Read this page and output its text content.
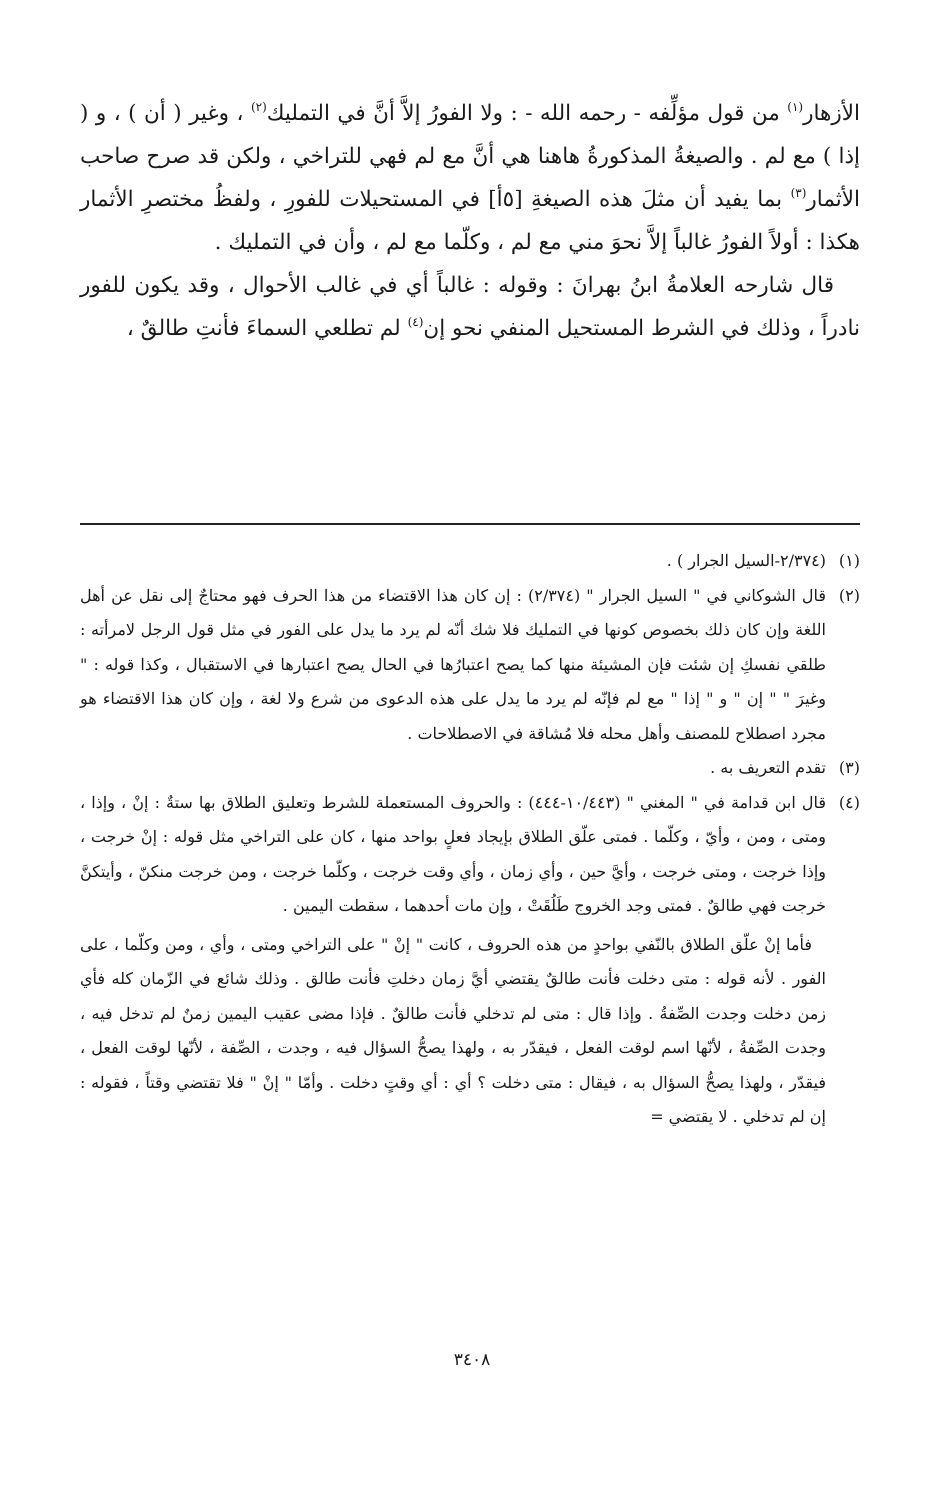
الأزهار$^{(١)}$ من قول مؤلِّفه - رحمه الله - : ولا الفورُ إلاَّ أنَّ في التمليك$^{(٢)}$ ، وغير ( أن ) ، و ( إذا ) مع لم . والصيغةُ المذكورةُ هاهنا هي أنَّ مع لم فهي للتراخي ، ولكن قد صرح صاحب الأثمار$^{(٣)}$ بما يفيد أن مثلَ هذه الصيغةِ [٥أ] في المستحيلات للفورِ ، ولفظُ مختصرِ الأثمار هكذا : أولاً الفورُ غالباً إلاَّ نحوَ مني مع لم ، وكلّما مع لم ، وأن في التمليك .

قال شارحه العلامةُ ابنُ بهرانَ : وقوله : غالباً أي في غالب الأحوال ، وقد يكون للفور نادراً ، وذلك في الشرط المستحيل المنفي نحو إن$^{(٤)}$ لم تطلعي السماءَ فأنتِ طالقٌ ،

(١)

(٢/٣٧٤-السيل الجرار ) .

(٢)

قال الشوكاني في " السيل الجرار " (٢/٣٧٤) : إن كان هذا الاقتضاء من هذا الحرف فهو محتاجٌ إلى نقل عن أهل اللغة وإن كان ذلك بخصوص كونها في التمليك فلا شك أنّه لم يرد ما يدل على الفور في مثل قول الرجل لامرأته : طلقي نفسكِ إن شئت فإن المشيئة منها كما يصح اعتبارُها في الحال يصح اعتبارها في الاستقبال ، وكذا قوله : " وغيرَ " " إن " و " إذا " مع لم فإنّه لم يرد ما يدل على هذه الدعوى من شرع ولا لغة ، وإن كان هذا الاقتضاء هو مجرد اصطلاح للمصنف وأهل محله فلا مُشاقة في الاصطلاحات .

(٣)

تقدم التعريف به .

(٤)

قال ابن قدامة في " المغني " (١٠/٤٤٣-٤٤٤) : والحروف المستعملة للشرط وتعليق الطلاق بها ستةٌ : إنْ ، وإذا ، ومتى ، ومن ، وأيّ ، وكلّما . فمتى علّق الطلاق بإيجاد فعلٍ بواحد منها ، كان على التراخي مثل قوله : إنْ خرجت ، وإذا خرجت ، ومتى خرجت ، وأيَّ حين ، وأي زمان ، وأي وقت خرجت ، وكلّما خرجت ، ومن خرجت منكنّ ، وأيتكنَّ خرجت فهي طالقٌ . فمتى وجد الخروج طَلُقَتْ ، وإن مات أحدهما ، سقطت اليمين .

فأما إنْ علّق الطلاق بالنّفي بواحدٍ من هذه الحروف ، كانت " إنْ " على التراخي ومتى ، وأي ، ومن وكلّما ، على الفور . لأنه قوله : متى دخلت فأنت طالقٌ يقتضي أيَّ زمان دخلتِ فأنت طالق . وذلك شائع في الزّمان كله فأي زمن دخلت وجدت الصِّفةُ . وإذا قال : متى لم تدخلي فأنت طالقٌ . فإذا مضى عقيب اليمين زمنٌ لم تدخل فيه ، وجدت الصِّفةُ ، لأنّها اسم لوقت الفعل ، فيقدّر به ، ولهذا يصحُّ السؤال فيه ، وجدت ، الصِّفة ، لأنّها لوقت الفعل ، فيقدّر ، ولهذا يصحُّ السؤال به ، فيقال : متى دخلت ؟ أي : أي وقتٍ دخلت . وأمّا " إنْ " فلا تقتضي وقتاً ، فقوله : إن لم تدخلي . لا يقتضي =

٣٤٠٨
